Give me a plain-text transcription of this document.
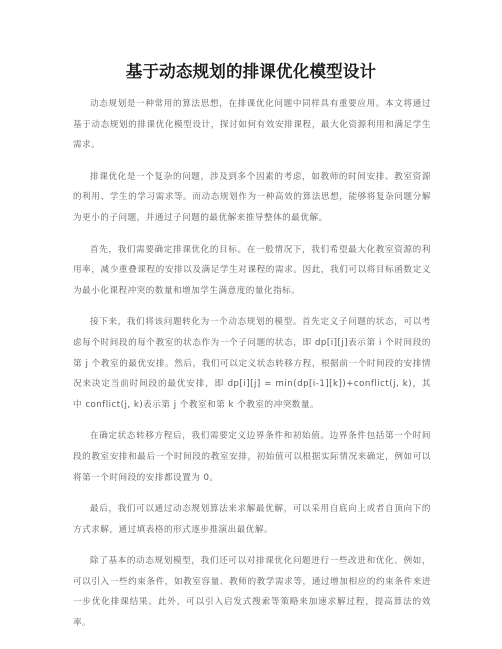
基于动态规划的排课优化模型设计

动态规划是一种常用的算法思想，在排课优化问题中同样具有重要应用。本文将通过基于动态规划的排课优化模型设计，探讨如何有效安排课程，最大化资源利用和满足学生需求。

排课优化是一个复杂的问题，涉及到多个因素的考虑，如教师的时间安排、教室资源的利用、学生的学习需求等。而动态规划作为一种高效的算法思想，能够将复杂问题分解为更小的子问题，并通过子问题的最优解来推导整体的最优解。

首先，我们需要确定排课优化的目标。在一般情况下，我们希望最大化教室资源的利用率，减少重叠课程的安排以及满足学生对课程的需求。因此，我们可以将目标函数定义为最小化课程冲突的数量和增加学生满意度的量化指标。

接下来，我们将该问题转化为一个动态规划的模型。首先定义子问题的状态，可以考虑每个时间段的每个教室的状态作为一个子问题的状态，即 dp[i][j]表示第 i 个时间段的第 j 个教室的最优安排。然后，我们可以定义状态转移方程，根据前一个时间段的安排情况来决定当前时间段的最优安排，即 dp[i][j] = min(dp[i-1][k])+conflict(j, k)，其中 conflict(j, k)表示第 j 个教室和第 k 个教室的冲突数量。

在确定状态转移方程后，我们需要定义边界条件和初始值。边界条件包括第一个时间段的教室安排和最后一个时间段的教室安排，初始值可以根据实际情况来确定，例如可以将第一个时间段的安排都设置为 0。

最后，我们可以通过动态规划算法来求解最优解，可以采用自底向上或者自顶向下的方式求解，通过填表格的形式逐步推演出最优解。

除了基本的动态规划模型，我们还可以对排课优化问题进行一些改进和优化。例如，可以引入一些约束条件，如教室容量、教师的教学需求等，通过增加相应的约束条件来进一步优化排课结果。此外，可以引入启发式搜索等策略来加速求解过程，提高算法的效率。
